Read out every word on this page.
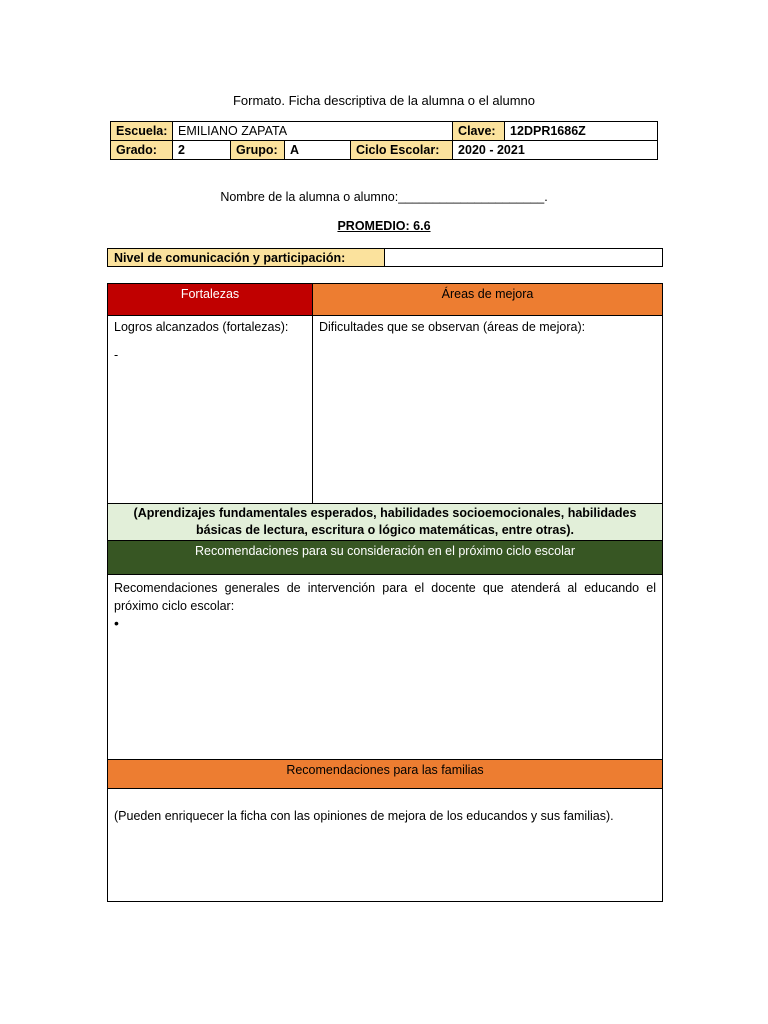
Formato. Ficha descriptiva de la alumna o el alumno
Escuela:	EMILIANO ZAPATA				Clave:	12DPR1686Z
Grado:	2	Grupo:	A	Ciclo Escolar:	2020 - 2021	
Nombre de la alumna o alumno:_____________________.
PROMEDIO: 6.6
Nivel de comunicación y participación:	
Fortalezas	Áreas de mejora
Logros alcanzados (fortalezas):
-	Dificultades que se observan (áreas de mejora):
(Aprendizajes fundamentales esperados, habilidades socioemocionales, habilidades básicas de lectura, escritura o lógico matemáticas, entre otras).	
Recomendaciones para su consideración en el próximo ciclo escolar	
Recomendaciones generales de intervención para el docente que atenderá al educando el próximo ciclo escolar:
•	

Recomendaciones para las familias	
(Pueden enriquecer la ficha con las opiniones de mejora de los educandos y sus familias).	
